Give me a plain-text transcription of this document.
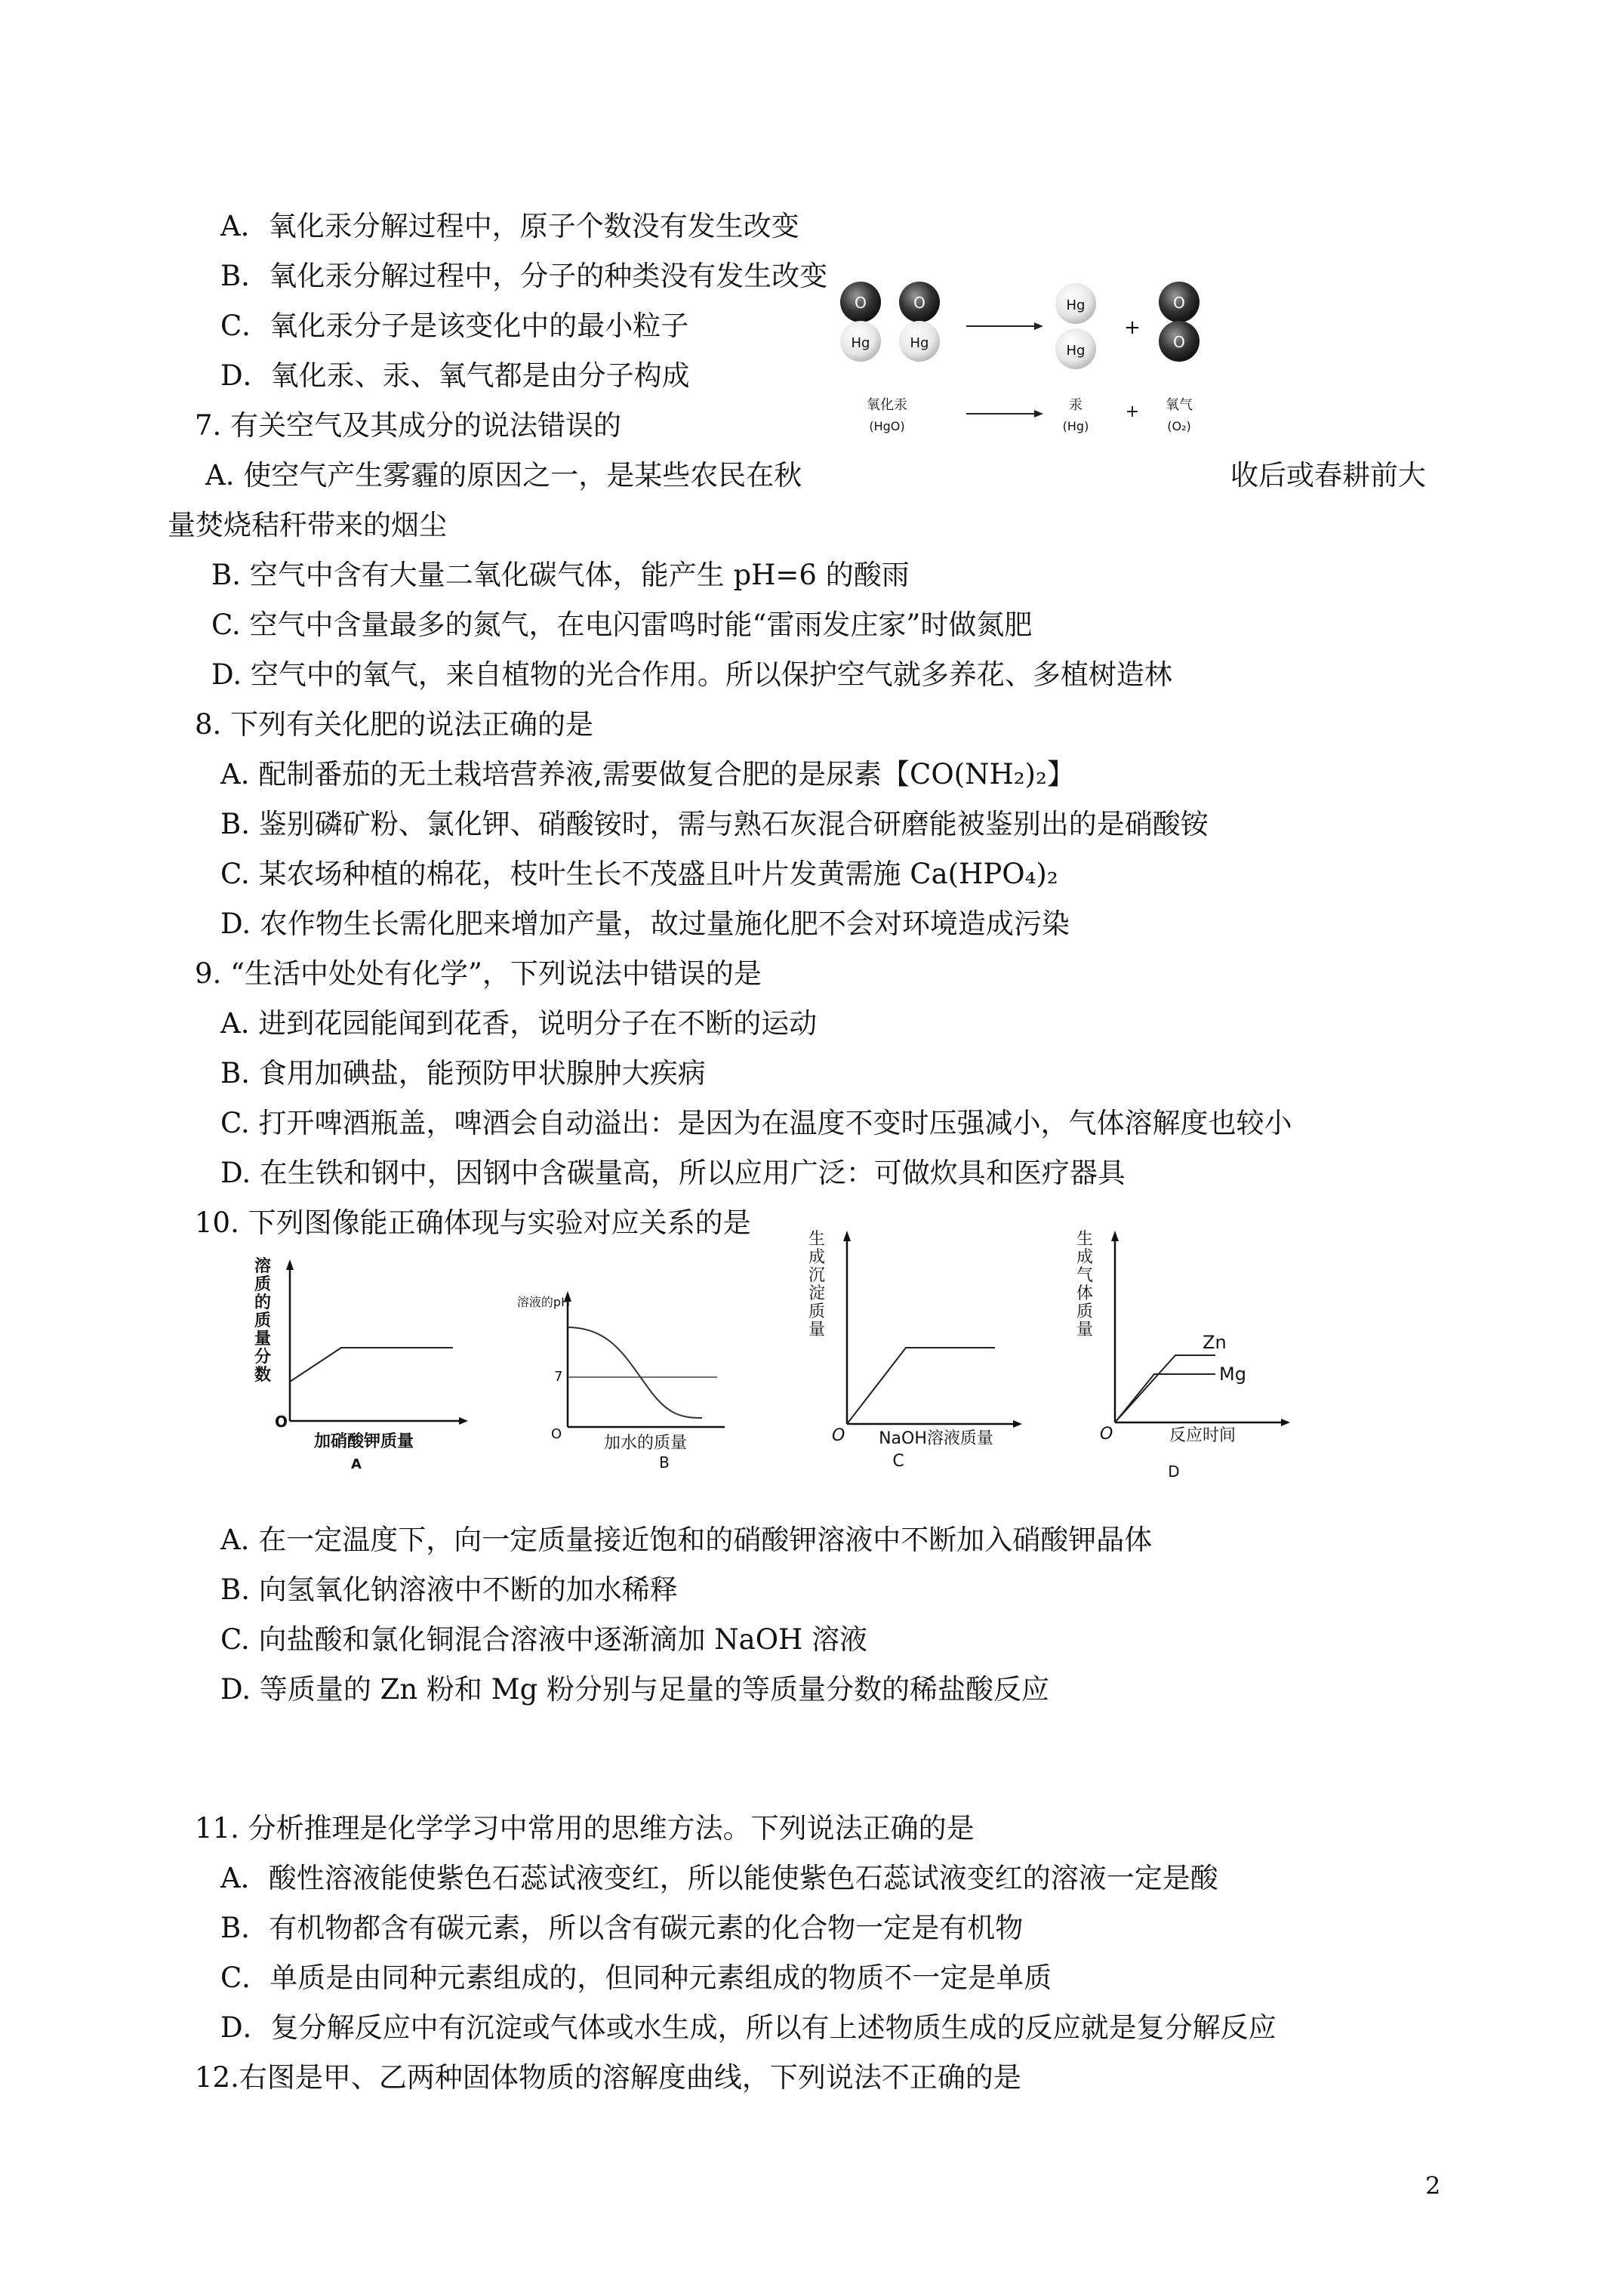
A．氧化汞分解过程中，原子个数没有发生改变
B．氧化汞分解过程中，分子的种类没有发生改变
C．氧化汞分子是该变化中的最小粒子
D．氧化汞、汞、氧气都是由分子构成
O
Hg
O
Hg
Hg
Hg
+
O
O
氧化汞
(HgO)
汞
(Hg)
+ 氧气
(O₂)
7. 有关空气及其成分的说法错误的
A. 使空气产生雾霾的原因之一，是某些农民在秋	收后或春耕前大
量焚烧秸秆带来的烟尘
B. 空气中含有大量二氧化碳气体，能产生 pH=6 的酸雨
C. 空气中含量最多的氮气，在电闪雷鸣时能“雷雨发庄家”时做氮肥
D. 空气中的氧气，来自植物的光合作用。所以保护空气就多养花、多植树造林
8. 下列有关化肥的说法正确的是
A. 配制番茄的无土栽培营养液,需要做复合肥的是尿素【CO(NH₂)₂】
B. 鉴别磷矿粉、氯化钾、硝酸铵时，需与熟石灰混合研磨能被鉴别出的是硝酸铵
C. 某农场种植的棉花，枝叶生长不茂盛且叶片发黄需施 Ca(HPO₄)₂
D. 农作物生长需化肥来增加产量，故过量施化肥不会对环境造成污染
9. “生活中处处有化学”，下列说法中错误的是
A. 进到花园能闻到花香，说明分子在不断的运动
B. 食用加碘盐，能预防甲状腺肿大疾病
C. 打开啤酒瓶盖，啤酒会自动溢出：是因为在温度不变时压强减小，气体溶解度也较小
D. 在生铁和钢中，因钢中含碳量高，所以应用广泛：可做炊具和医疗器具
10. 下列图像能正确体现与实验对应关系的是
溶质的质量分数
O
加硝酸钾质量
A
溶液的pH
7
O	加水的质量
B
生成沉淀质量
O NaOH溶液质量
C
生成气体质量
Zn
Mg
O	反应时间
D
A. 在一定温度下，向一定质量接近饱和的硝酸钾溶液中不断加入硝酸钾晶体
B. 向氢氧化钠溶液中不断的加水稀释
C. 向盐酸和氯化铜混合溶液中逐渐滴加 NaOH 溶液
D. 等质量的 Zn 粉和 Mg 粉分别与足量的等质量分数的稀盐酸反应
11. 分析推理是化学学习中常用的思维方法。下列说法正确的是
A．酸性溶液能使紫色石蕊试液变红，所以能使紫色石蕊试液变红的溶液一定是酸
B．有机物都含有碳元素，所以含有碳元素的化合物一定是有机物
C．单质是由同种元素组成的，但同种元素组成的物质不一定是单质
D．复分解反应中有沉淀或气体或水生成，所以有上述物质生成的反应就是复分解反应
12.右图是甲、乙两种固体物质的溶解度曲线，下列说法不正确的是
2
